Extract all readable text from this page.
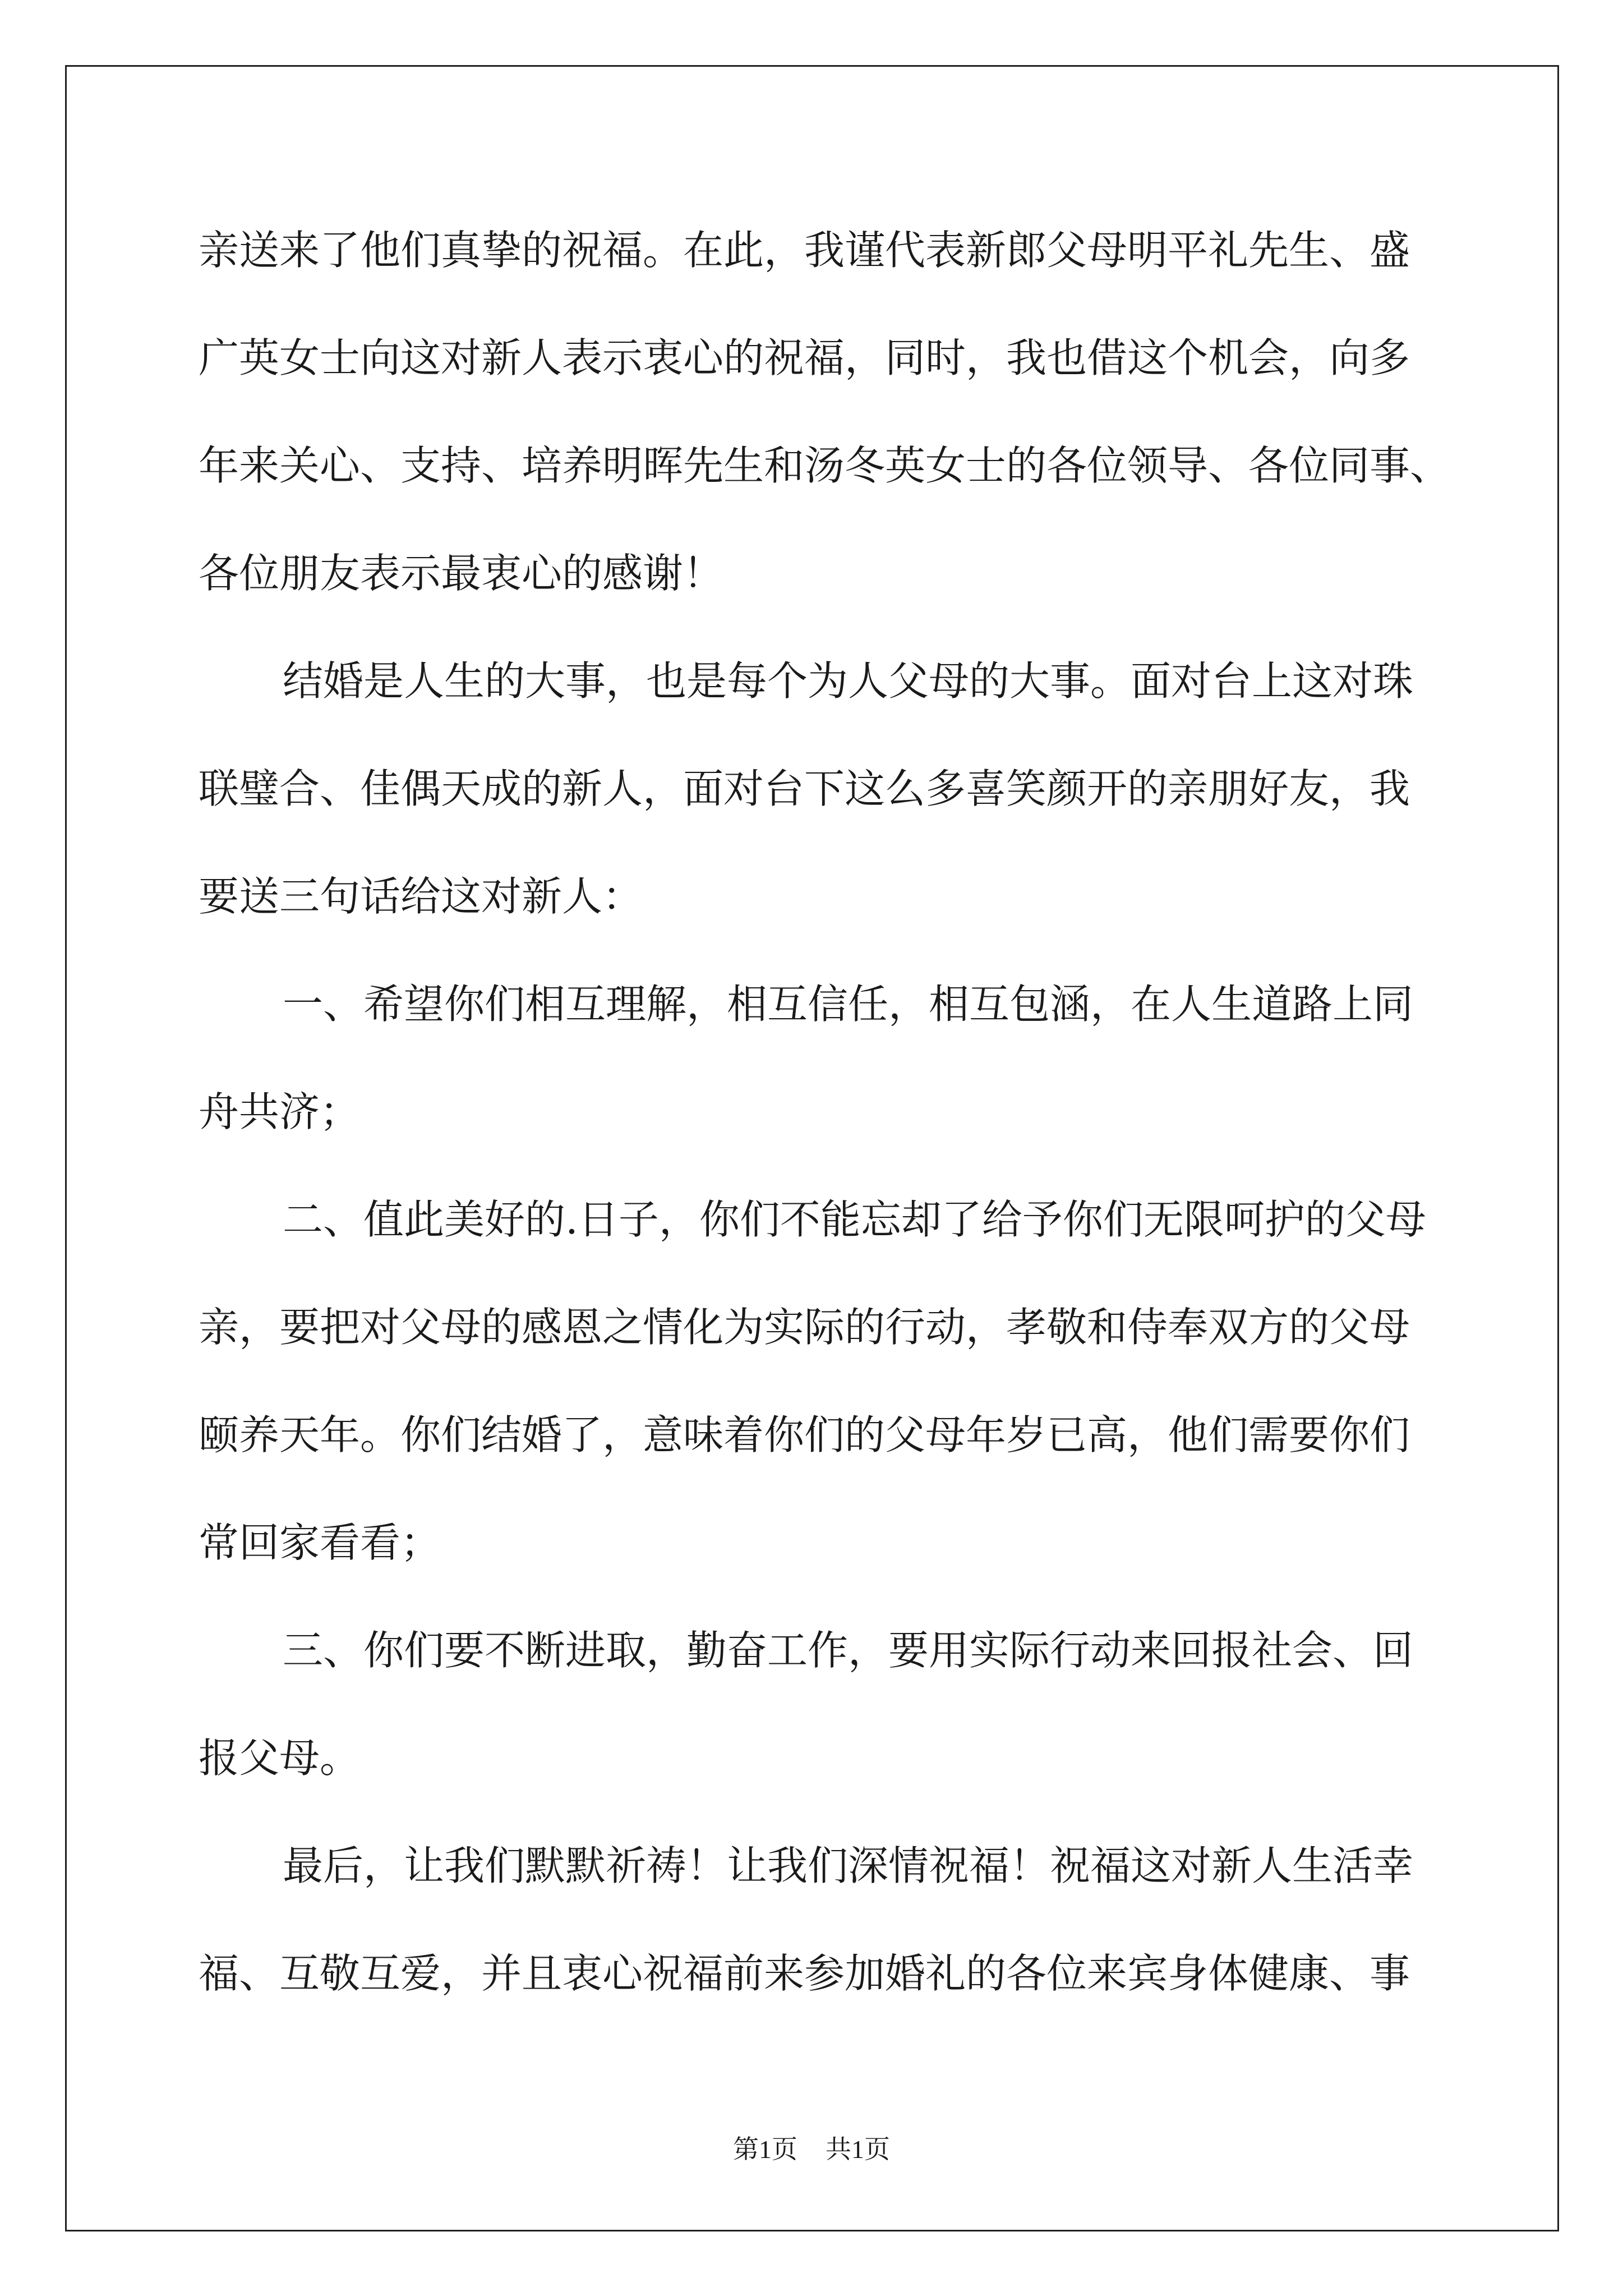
亲送来了他们真挚的祝福。在此，我谨代表新郎父母明平礼先生、盛
广英女士向这对新人表示衷心的祝福，同时，我也借这个机会，向多
年来关心、支持、培养明晖先生和汤冬英女士的各位领导、各位同事、
各位朋友表示最衷心的感谢！
结婚是人生的大事，也是每个为人父母的大事。面对台上这对珠
联璧合、佳偶天成的新人，面对台下这么多喜笑颜开的亲朋好友，我
要送三句话给这对新人：
一、希望你们相互理解，相互信任，相互包涵，在人生道路上同
舟共济；
二、值此美好的.日子，你们不能忘却了给予你们无限呵护的父母
亲，要把对父母的感恩之情化为实际的行动，孝敬和侍奉双方的父母
颐养天年。你们结婚了，意味着你们的父母年岁已高，他们需要你们
常回家看看；
三、你们要不断进取，勤奋工作，要用实际行动来回报社会、回
报父母。
最后，让我们默默祈祷！让我们深情祝福！祝福这对新人生活幸
福、互敬互爱，并且衷心祝福前来参加婚礼的各位来宾身体健康、事
第1页 共1页
